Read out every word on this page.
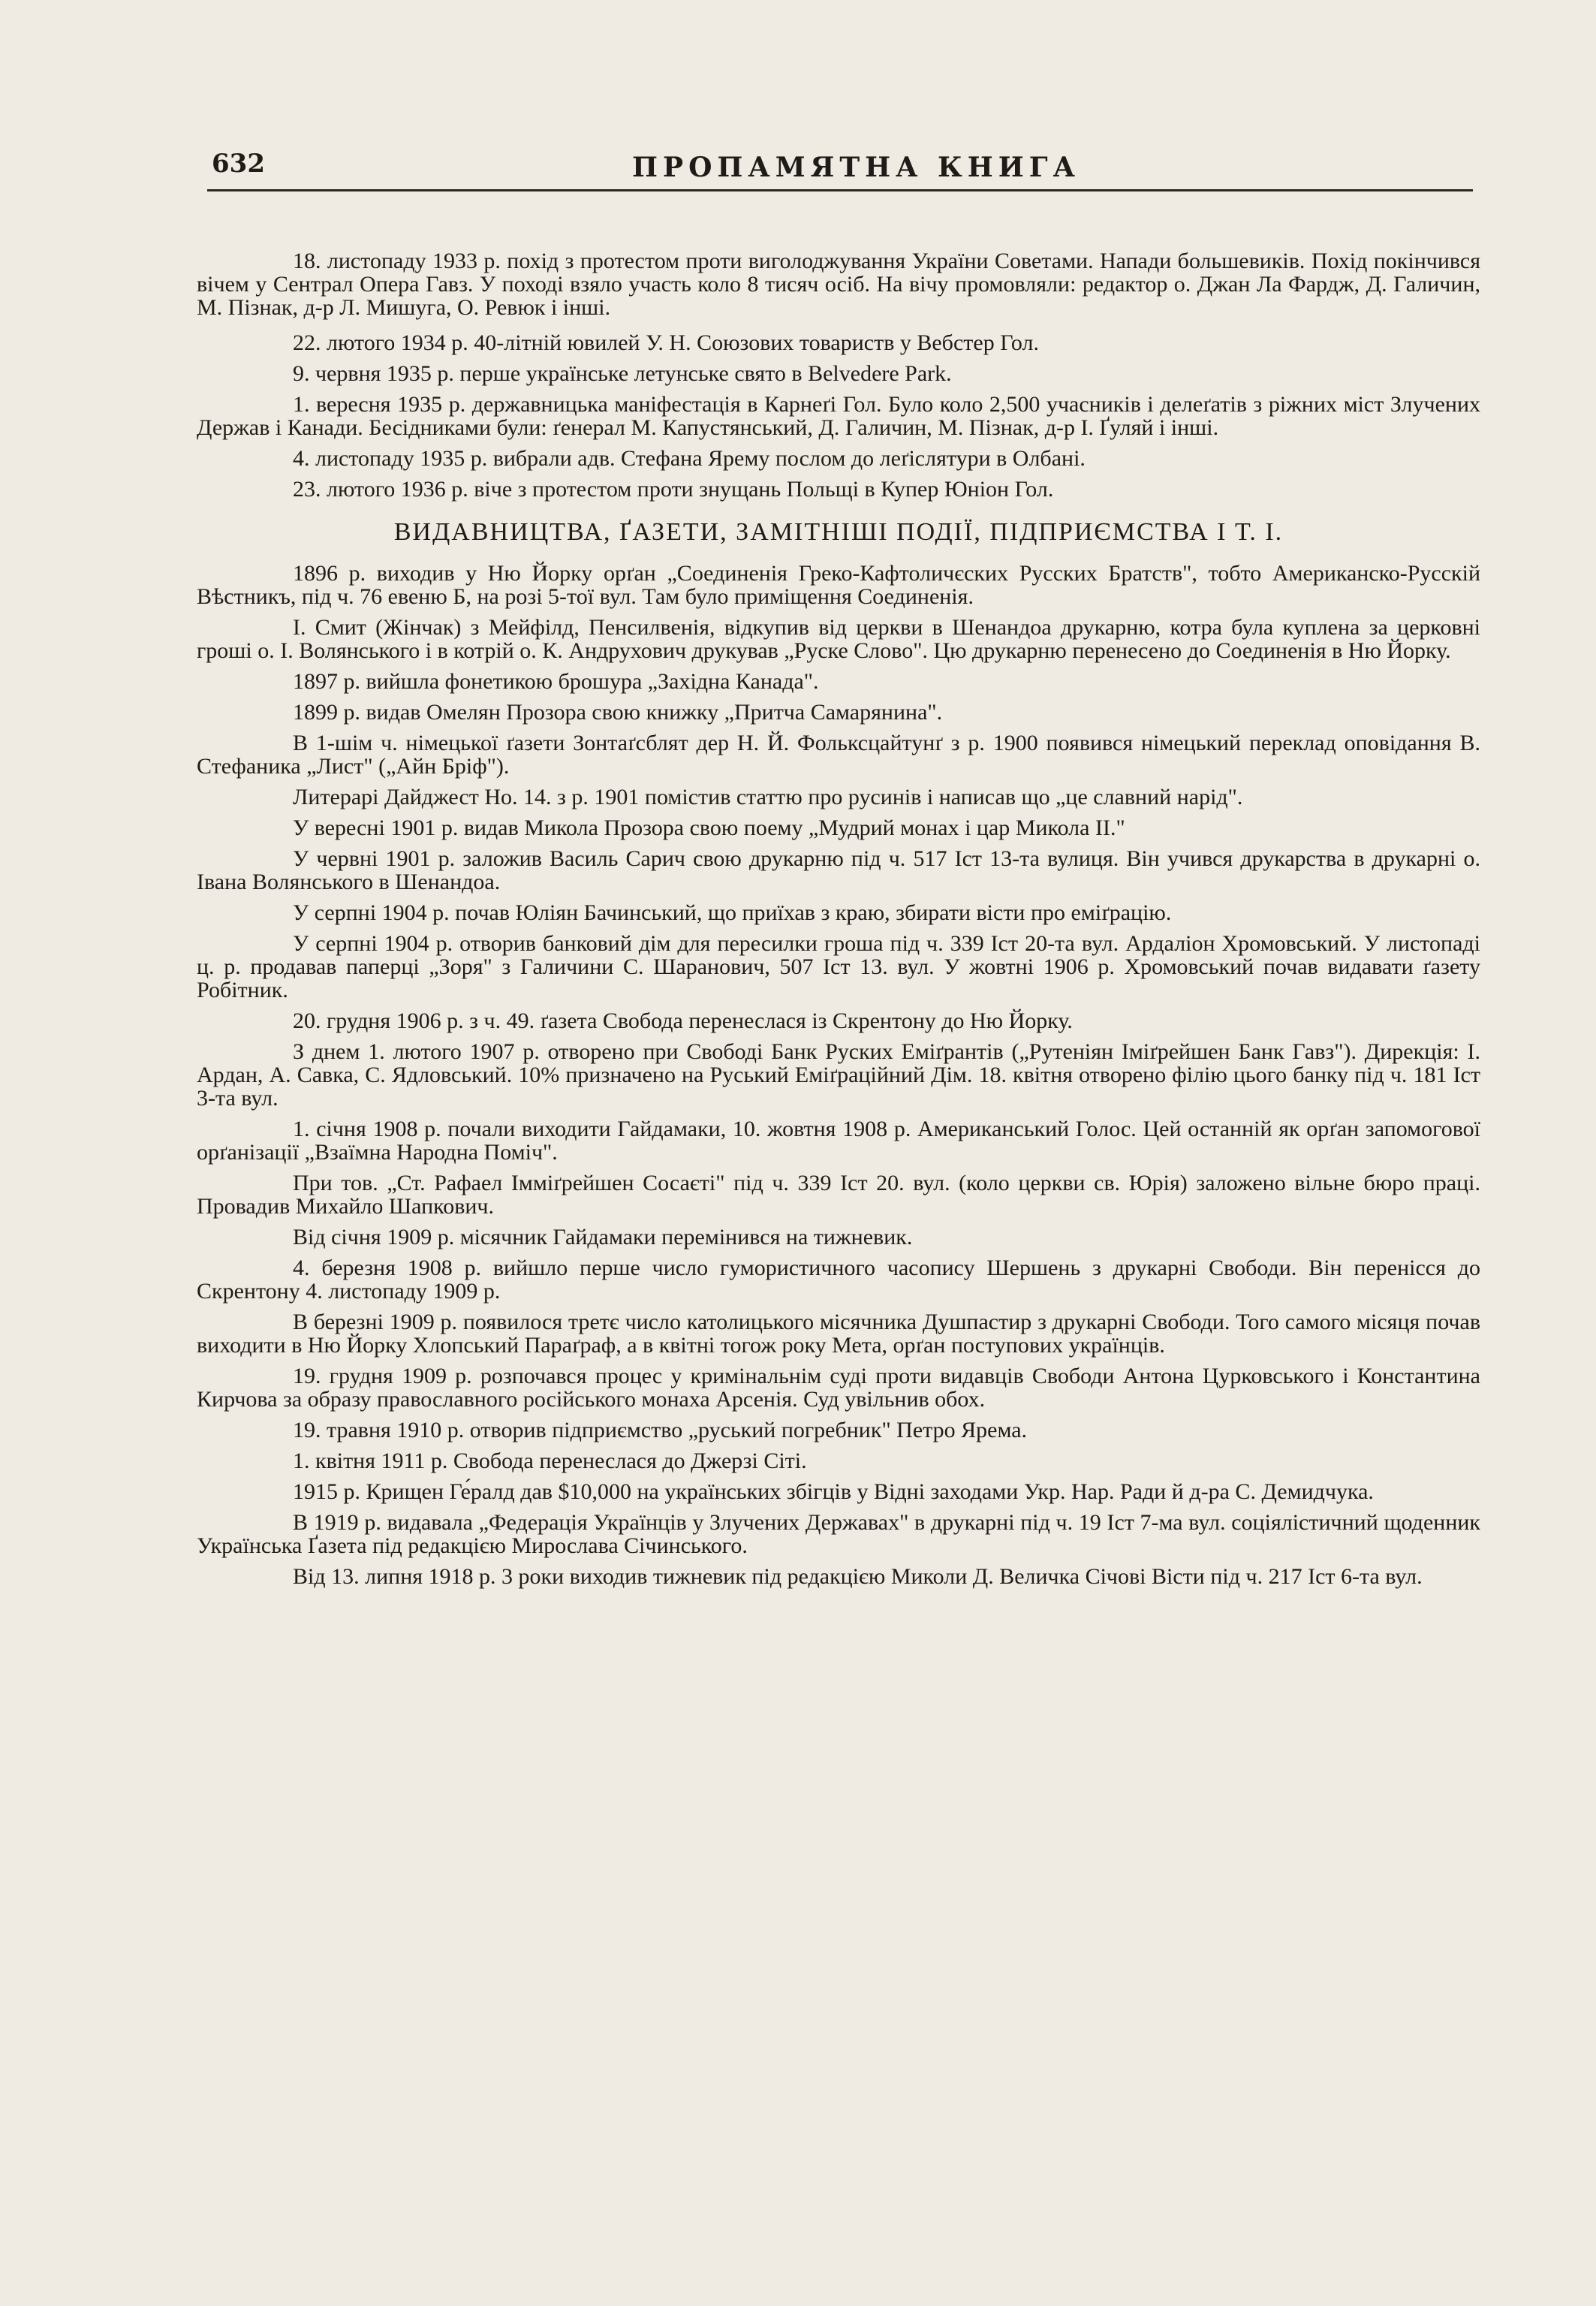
632	ПРОПАМЯТНА КНИГА

18. листопаду 1933 р. похід з протестом проти виголоджування України Советами. Напади большевиків. Похід покінчився вічем у Сентрал Опера Гавз. У поході взяло участь коло 8 тисяч осіб. На вічу промовляли: редактор о. Джан Ла Фардж, Д. Галичин, М. Пізнак, д-р Л. Мишуга, О. Ревюк і інші.

22. лютого 1934 р. 40-літній ювилей У. Н. Союзових товариств у Вебстер Гол.

9. червня 1935 р. перше українське летунське свято в Belvedere Park.

1. вересня 1935 р. державницька маніфестація в Карнеґі Гол. Було коло 2,500 учасників і делеґатів з ріжних міст Злучених Держав і Канади. Бесідниками були: ґенерал М. Капустянський, Д. Галичин, М. Пізнак, д-р І. Ґуляй і інші.

4. листопаду 1935 р. вибрали адв. Стефана Ярему послом до леґіслятури в Олбані.

23. лютого 1936 р. віче з протестом проти знущань Польщі в Купер Юніон Гол.

ВИДАВНИЦТВА, ҐАЗЕТИ, ЗАМІТНІШІ ПОДІЇ, ПІДПРИЄМСТВА І Т. І.

1896 р. виходив у Ню Йорку орґан „Соединенія Греко-Кафтоличєских Русских Братств", тобто Американско-Русскій Вѣстникъ, під ч. 76 евеню Б, на розі 5-тої вул. Там було приміщення Соединенія.

І. Смит (Жінчак) з Мейфілд, Пенсилвенія, відкупив від церкви в Шенандоа друкарню, котра була куплена за церковні гроші о. І. Волянського і в котрій о. К. Андрухович друкував „Руске Слово". Цю друкарню перенесено до Соединенія в Ню Йорку.

1897 р. вийшла фонетикою брошура „Західна Канада".

1899 р. видав Омелян Прозора свою книжку „Притча Самарянина".

В 1-шім ч. німецької ґазети Зонтаґсблят дер Н. Й. Фольксцайтунґ з р. 1900 появився німецький переклад оповідання В. Стефаника „Лист" („Айн Бріф").

Литерарі Дайджест Но. 14. з р. 1901 помістив статтю про русинів і написав що „це славний нарід".

У вересні 1901 р. видав Микола Прозора свою поему „Мудрий монах і цар Микола II."

У червні 1901 р. заложив Василь Сарич свою друкарню під ч. 517 Іст 13-та вулиця. Він учився друкарства в друкарні о. Івана Волянського в Шенандоа.

У серпні 1904 р. почав Юліян Бачинський, що приїхав з краю, збирати вісти про еміґрацію.

У серпні 1904 р. отворив банковий дім для пересилки гроша під ч. 339 Іст 20-та вул. Ардаліон Хромовський. У листопаді ц. р. продавав паперці „Зоря" з Галичини С. Шаранович, 507 Іст 13. вул. У жовтні 1906 р. Хромовський почав видавати ґазету Робітник.

20. грудня 1906 р. з ч. 49. ґазета Свобода перенеслася із Скрентону до Ню Йорку.

З днем 1. лютого 1907 р. отворено при Свободі Банк Руских Еміґрантів („Рутеніян Іміґрейшен Банк Гавз"). Дирекція: І. Ардан, А. Савка, С. Ядловський. 10% призначено на Руський Еміґраційний Дім. 18. квітня отворено філію цього банку під ч. 181 Іст 3-та вул.

1. січня 1908 р. почали виходити Гайдамаки, 10. жовтня 1908 р. Американський Голос. Цей останній як орґан запомогової орґанізації „Взаїмна Народна Поміч".

При тов. „Ст. Рафаел Імміґрейшен Сосаєті" під ч. 339 Іст 20. вул. (коло церкви св. Юрія) заложено вільне бюро праці. Провадив Михайло Шапкович.

Від січня 1909 р. місячник Гайдамаки перемінився на тижневик.

4. березня 1908 р. вийшло перше число гумористичного часопису Шершень з друкарні Свободи. Він перенісся до Скрентону 4. листопаду 1909 р.

В березні 1909 р. появилося третє число католицького місячника Душпастир з друкарні Свободи. Того самого місяця почав виходити в Ню Йорку Хлопський Параґраф, а в квітні тогож року Мета, орґан поступових українців.

19. грудня 1909 р. розпочався процес у кримінальнім суді проти видавців Свободи Антона Цурковського і Константина Кирчова за образу православного російського монаха Арсенія. Суд увільнив обох.

19. травня 1910 р. отворив підприємство „руський погребник" Петро Ярема.

1. квітня 1911 р. Свобода перенеслася до Джерзі Сіті.

1915 р. Крищен Ге́ралд дав $10,000 на українських збігців у Відні заходами Укр. Нар. Ради й д-ра С. Демидчука.

В 1919 р. видавала „Федерація Українців у Злучених Державах" в друкарні під ч. 19 Іст 7-ма вул. соціялістичний щоденник Українська Ґазета під редакцією Мирослава Січинського.

Від 13. липня 1918 р. 3 роки виходив тижневик під редакцією Миколи Д. Величка Січові Вісти під ч. 217 Іст 6-та вул.
